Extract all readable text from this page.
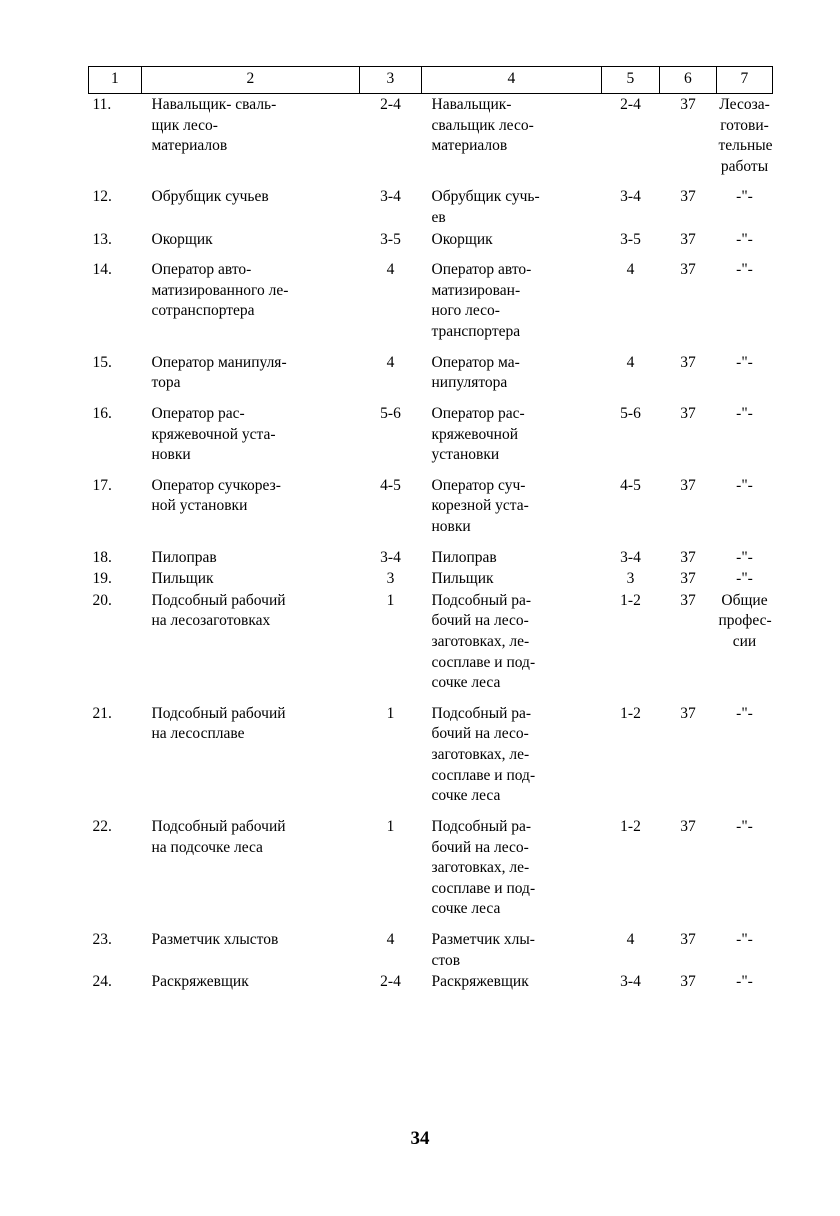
1	2	3	4	5	6	7
11.	Навальщик- сваль-
щик лесо-
материалов	2-4	Навальщик-
свальщик лесо-
материалов	2-4	37	Лесоза-
готови-
тельные
работы

12.	Обрубщик сучьев	3-4	Обрубщик сучь-
ев	3-4	37	-"-

13.	Окорщик	3-5	Окорщик	3-5	37	-"-

14.	Оператор авто-
матизированного ле-
сотранспортера	4	Оператор авто-
матизирован-
ного лесо-
транспортера	4	37	-"-

15.	Оператор манипуля-
тора	4	Оператор ма-
нипулятора	4	37	-"-

16.	Оператор рас-
кряжевочной уста-
новки	5-6	Оператор рас-
кряжевочной
установки	5-6	37	-"-

17.	Оператор сучкорез-
ной установки	4-5	Оператор суч-
корезной уста-
новки	4-5	37	-"-

18.	Пилоправ	3-4	Пилоправ	3-4	37	-"-

19.	Пильщик	3	Пильщик	3	37	-"-

20.	Подсобный рабочий
на лесозаготовках	1	Подсобный ра-
бочий на лесо-
заготовках, ле-
сосплаве и под-
сочке леса	1-2	37	Общие
профес-
сии

21.	Подсобный рабочий
на лесосплаве	1	Подсобный ра-
бочий на лесо-
заготовках, ле-
сосплаве и под-
сочке леса	1-2	37	-"-

22.	Подсобный рабочий
на подсочке леса	1	Подсобный ра-
бочий на лесо-
заготовках, ле-
сосплаве и под-
сочке леса	1-2	37	-"-

23.	Разметчик хлыстов	4	Разметчик хлы-
стов	4	37	-"-

24.	Раскряжевщик	2-4	Раскряжевщик	3-4	37	-"-
34
